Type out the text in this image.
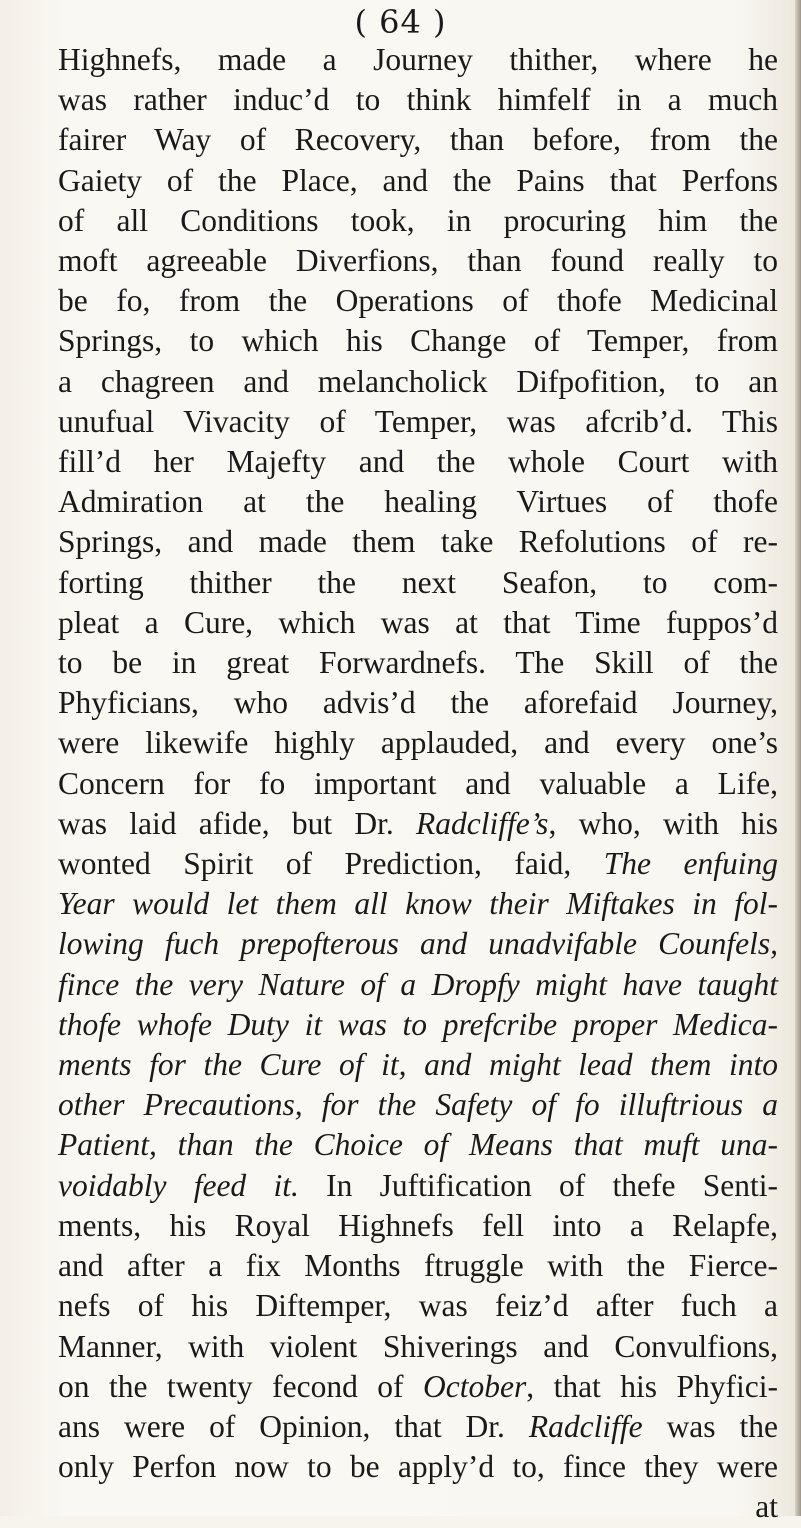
( 64 )
Highnefs, made a Journey thither, where he
was rather induc’d to think himfelf in a much
fairer Way of Recovery, than before, from the
Gaiety of the Place, and the Pains that Perfons
of all Conditions took, in procuring him the
moft agreeable Diverfions, than found really to
be fo, from the Operations of thofe Medicinal
Springs, to which his Change of Temper, from
a chagreen and melancholick Difpofition, to an
unufual Vivacity of Temper, was afcrib’d. This
fill’d her Majefty and the whole Court with
Admiration at the healing Virtues of thofe
Springs, and made them take Refolutions of re-
forting thither the next Seafon, to com-
pleat a Cure, which was at that Time fuppos’d
to be in great Forwardnefs. The Skill of the
Phyficians, who advis’d the aforefaid Journey,
were likewife highly applauded, and every one’s
Concern for fo important and valuable a Life,
was laid afide, but Dr. Radcliffe’s, who, with his
wonted Spirit of Prediction, faid, The enfuing
Year would let them all know their Miftakes in fol-
lowing fuch prepofterous and unadvifable Counfels,
fince the very Nature of a Dropfy might have taught
thofe whofe Duty it was to prefcribe proper Medica-
ments for the Cure of it, and might lead them into
other Precautions, for the Safety of fo illuftrious a
Patient, than the Choice of Means that muft una-
voidably feed it. In Juftification of thefe Senti-
ments, his Royal Highnefs fell into a Relapfe,
and after a fix Months ftruggle with the Fierce-
nefs of his Diftemper, was feiz’d after fuch a
Manner, with violent Shiverings and Convulfions,
on the twenty fecond of October, that his Phyfici-
ans were of Opinion, that Dr. Radcliffe was the
only Perfon now to be apply’d to, fince they were
at
